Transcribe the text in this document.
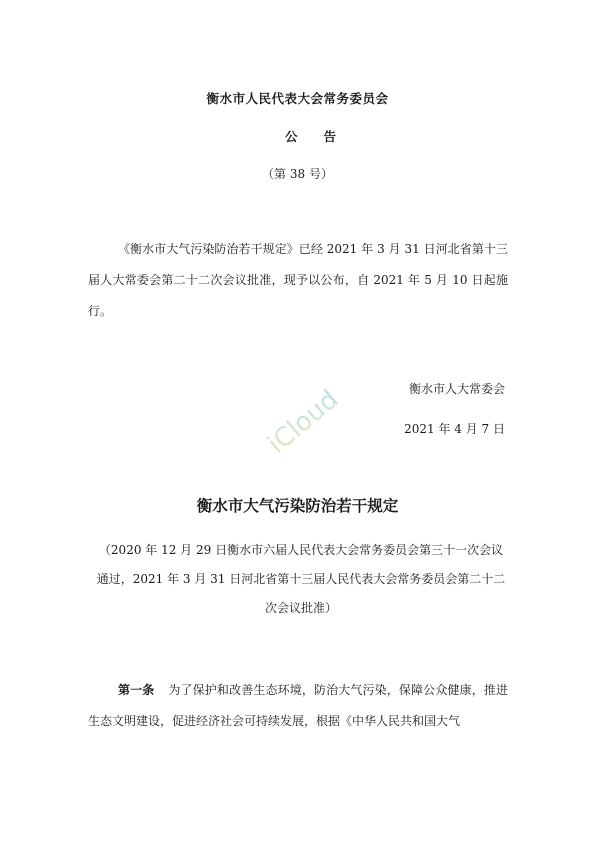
衡水市人民代表大会常务委员会
公告
（第 38 号）
《衡水市大气污染防治若干规定》已经 2021 年 3 月 31 日河北省第十三届人大常委会第二十二次会议批准，现予以公布，自 2021 年 5 月 10 日起施行。
衡水市人大常委会
2021 年 4 月 7 日
iCloud
衡水市大气污染防治若干规定
（2020 年 12 月 29 日衡水市六届人民代表大会常务委员会第三十一次会议通过，2021 年 3 月 31 日河北省第十三届人民代表大会常务委员会第二十二次会议批准）
第一条 为了保护和改善生态环境，防治大气污染，保障公众健康，推进生态文明建设，促进经济社会可持续发展，根据《中华人民共和国大气
